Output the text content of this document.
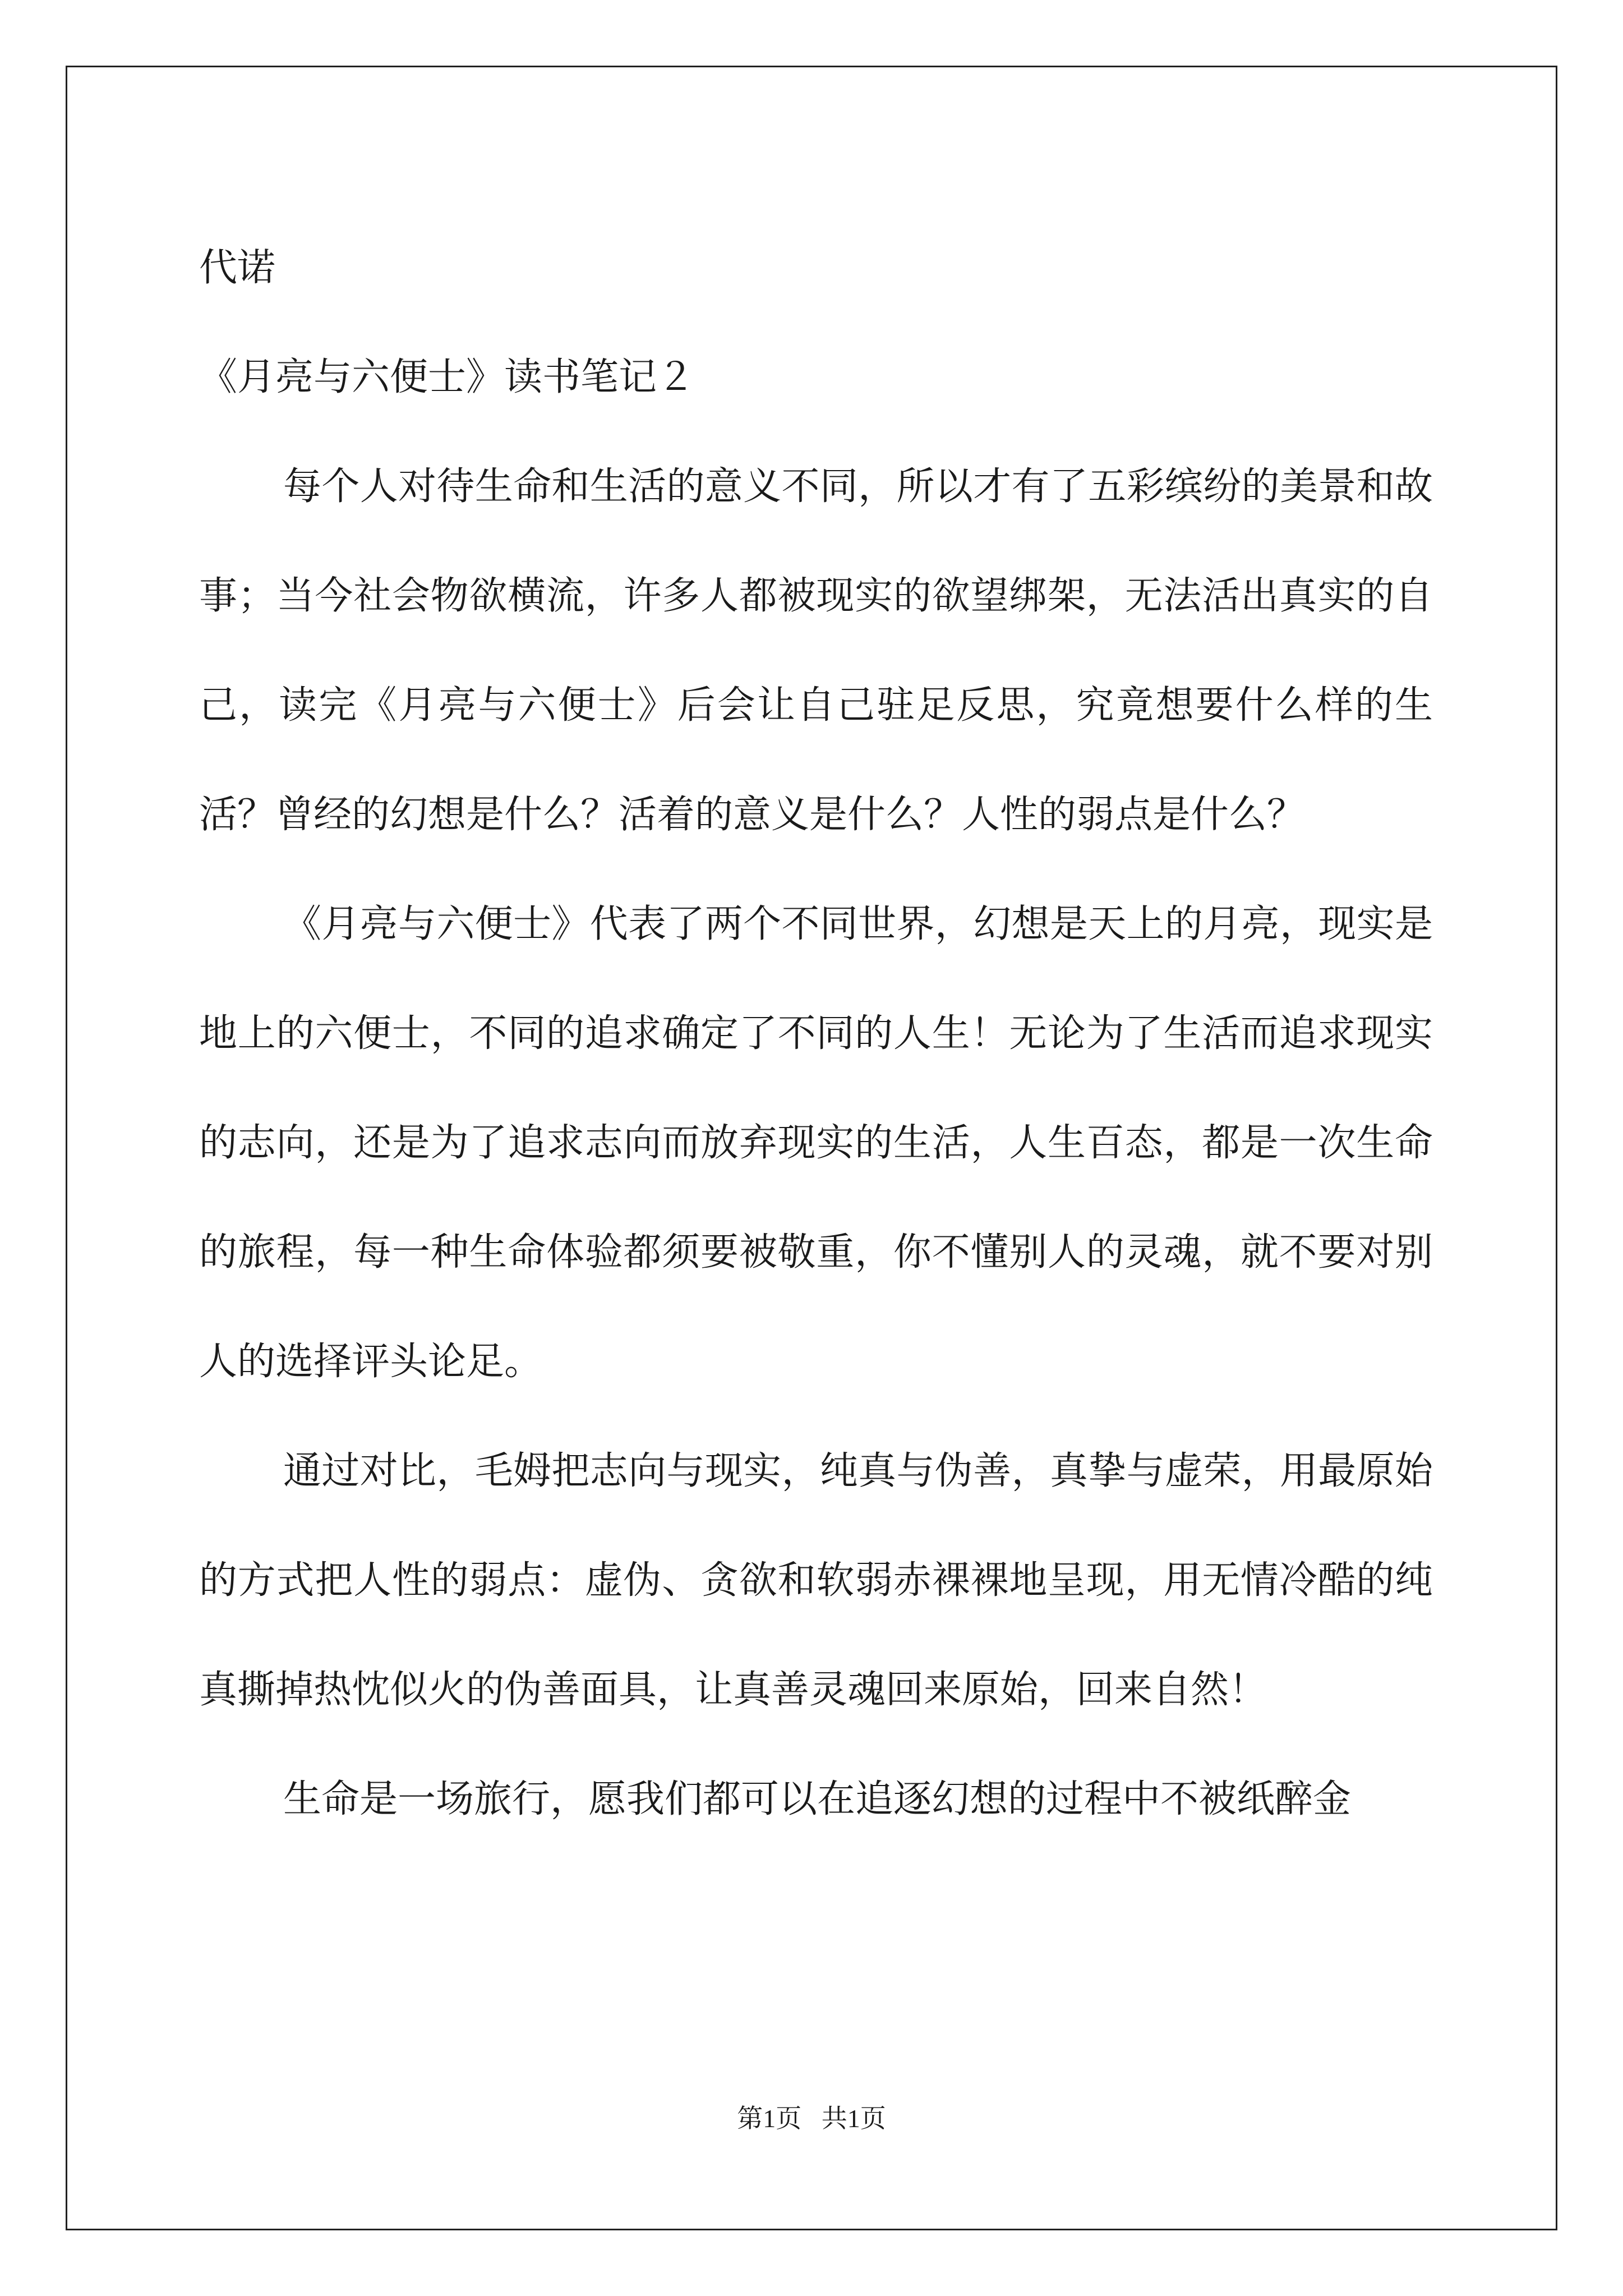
代诺

《月亮与六便士》读书笔记２

每个人对待生命和生活的意义不同，所以才有了五彩缤纷的美景和故事；当今社会物欲横流，许多人都被现实的欲望绑架，无法活出真实的自己，读完《月亮与六便士》后会让自己驻足反思，究竟想要什么样的生活？曾经的幻想是什么？活着的意义是什么？人性的弱点是什么？

《月亮与六便士》代表了两个不同世界，幻想是天上的月亮，现实是地上的六便士，不同的追求确定了不同的人生！无论为了生活而追求现实的志向，还是为了追求志向而放弃现实的生活，人生百态，都是一次生命的旅程，每一种生命体验都须要被敬重，你不懂别人的灵魂，就不要对别人的选择评头论足。

通过对比，毛姆把志向与现实，纯真与伪善，真挚与虚荣，用最原始的方式把人性的弱点：虚伪、贪欲和软弱赤裸裸地呈现，用无情冷酷的纯真撕掉热忱似火的伪善面具，让真善灵魂回来原始，回来自然！

生命是一场旅行，愿我们都可以在追逐幻想的过程中不被纸醉金

第1页 共1页
